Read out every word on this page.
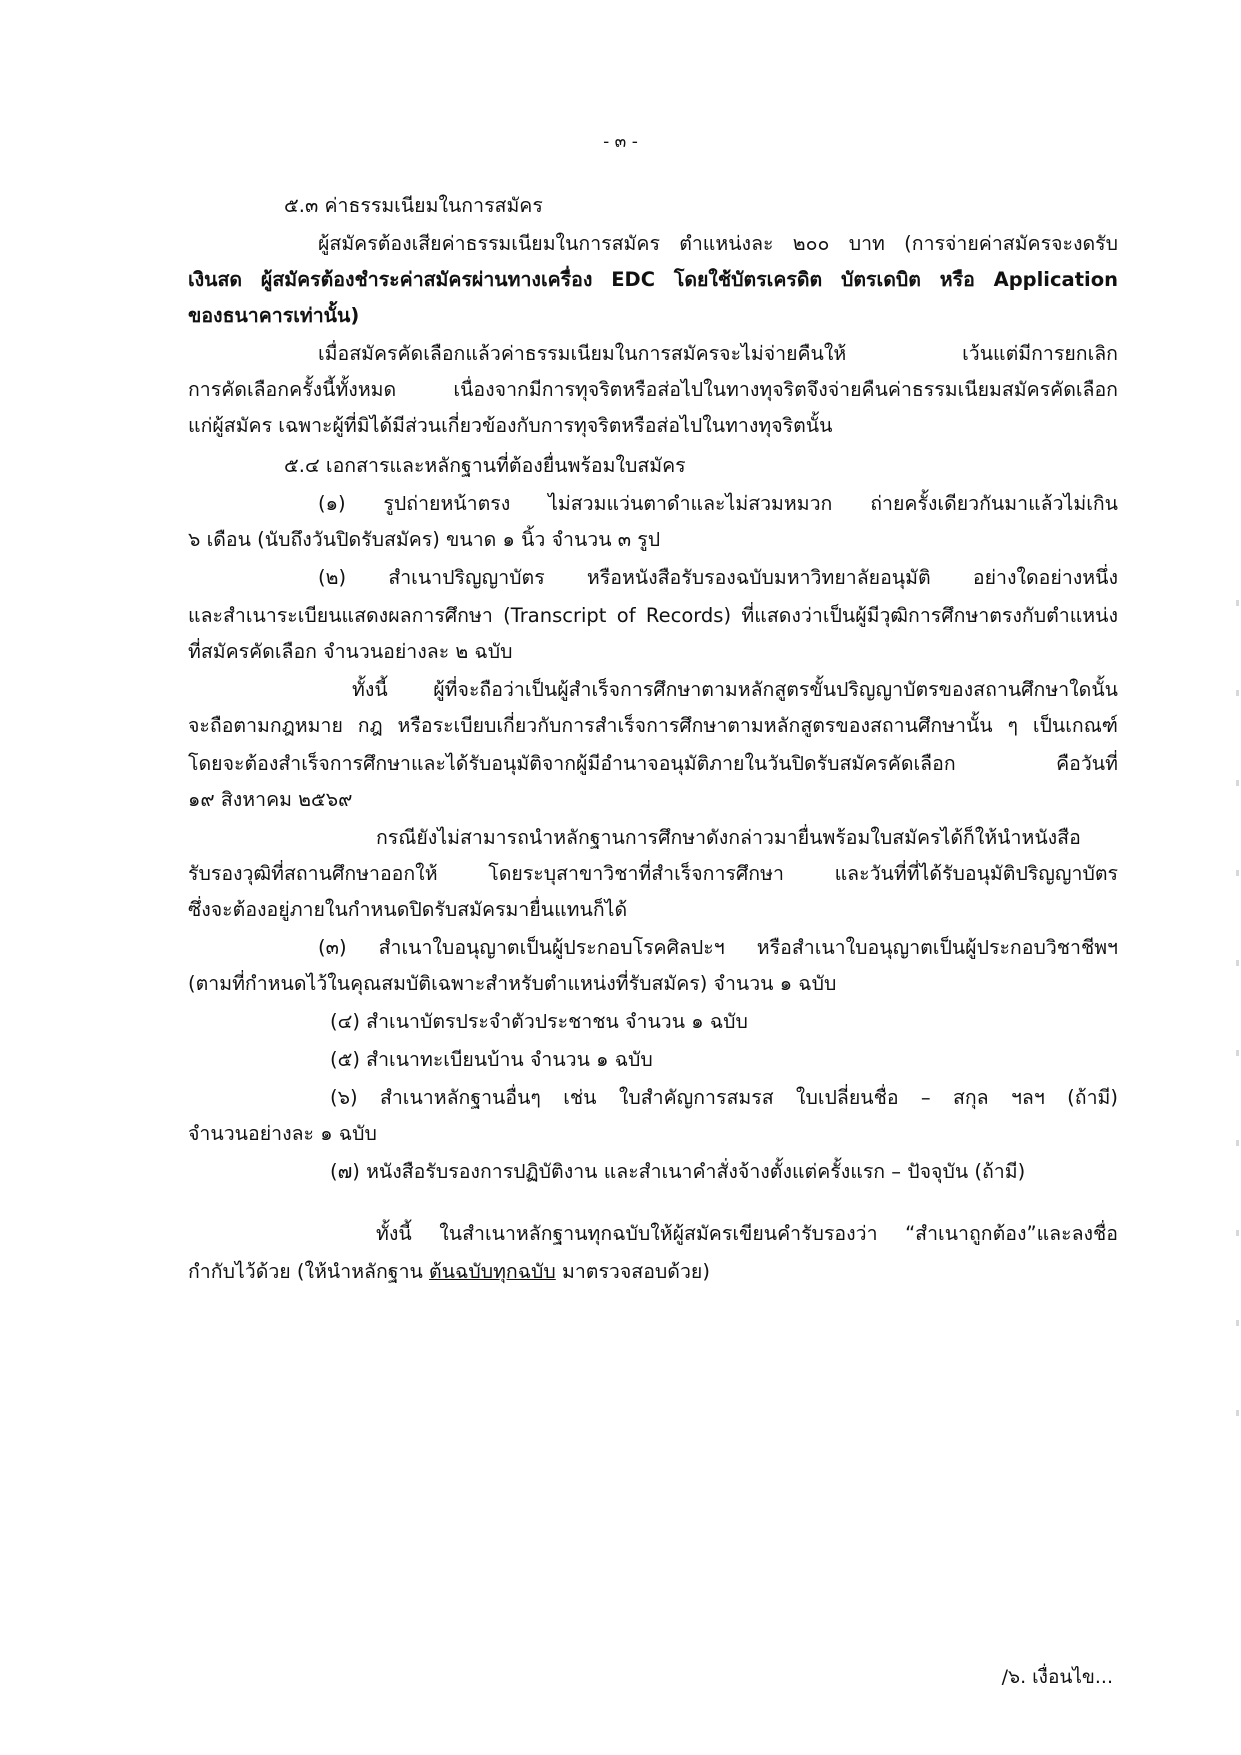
- ๓ -
๕.๓ ค่าธรรมเนียมในการสมัคร
ผู้สมัครต้องเสียค่าธรรมเนียมในการสมัคร ตำแหน่งละ ๒๐๐ บาท (การจ่ายค่าสมัครจะงดรับ
เงินสด ผู้สมัครต้องชำระค่าสมัครผ่านทางเครื่อง EDC โดยใช้บัตรเครดิต บัตรเดบิต หรือ Application
ของธนาคารเท่านั้น)
เมื่อสมัครคัดเลือกแล้วค่าธรรมเนียมในการสมัครจะไม่จ่ายคืนให้ เว้นแต่มีการยกเลิก
การคัดเลือกครั้งนี้ทั้งหมด เนื่องจากมีการทุจริตหรือส่อไปในทางทุจริตจึงจ่ายคืนค่าธรรมเนียมสมัครคัดเลือก
แก่ผู้สมัคร เฉพาะผู้ที่มิได้มีส่วนเกี่ยวข้องกับการทุจริตหรือส่อไปในทางทุจริตนั้น
๕.๔ เอกสารและหลักฐานที่ต้องยื่นพร้อมใบสมัคร
(๑) รูปถ่ายหน้าตรง ไม่สวมแว่นตาดำและไม่สวมหมวก ถ่ายครั้งเดียวกันมาแล้วไม่เกิน
๖ เดือน (นับถึงวันปิดรับสมัคร) ขนาด ๑ นิ้ว จำนวน ๓ รูป
(๒) สำเนาปริญญาบัตร หรือหนังสือรับรองฉบับมหาวิทยาลัยอนุมัติ อย่างใดอย่างหนึ่ง
และสำเนาระเบียนแสดงผลการศึกษา (Transcript of Records) ที่แสดงว่าเป็นผู้มีวุฒิการศึกษาตรงกับตำแหน่ง
ที่สมัครคัดเลือก จำนวนอย่างละ ๒ ฉบับ
ทั้งนี้ ผู้ที่จะถือว่าเป็นผู้สำเร็จการศึกษาตามหลักสูตรขั้นปริญญาบัตรของสถานศึกษาใดนั้น
จะถือตามกฎหมาย กฎ หรือระเบียบเกี่ยวกับการสำเร็จการศึกษาตามหลักสูตรของสถานศึกษานั้น ๆ เป็นเกณฑ์
โดยจะต้องสำเร็จการศึกษาและได้รับอนุมัติจากผู้มีอำนาจอนุมัติภายในวันปิดรับสมัครคัดเลือก คือวันที่
๑๙ สิงหาคม ๒๕๖๙
กรณียังไม่สามารถนำหลักฐานการศึกษาดังกล่าวมายื่นพร้อมใบสมัครได้ก็ให้นำหนังสือ
รับรองวุฒิที่สถานศึกษาออกให้ โดยระบุสาขาวิชาที่สำเร็จการศึกษา และวันที่ที่ได้รับอนุมัติปริญญาบัตร
ซึ่งจะต้องอยู่ภายในกำหนดปิดรับสมัครมายื่นแทนก็ได้
(๓) สำเนาใบอนุญาตเป็นผู้ประกอบโรคศิลปะฯ หรือสำเนาใบอนุญาตเป็นผู้ประกอบวิชาชีพฯ
(ตามที่กำหนดไว้ในคุณสมบัติเฉพาะสำหรับตำแหน่งที่รับสมัคร) จำนวน ๑ ฉบับ
(๔) สำเนาบัตรประจำตัวประชาชน จำนวน ๑ ฉบับ
(๕) สำเนาทะเบียนบ้าน จำนวน ๑ ฉบับ
(๖) สำเนาหลักฐานอื่นๆ เช่น ใบสำคัญการสมรส ใบเปลี่ยนชื่อ – สกุล ฯลฯ (ถ้ามี)
จำนวนอย่างละ ๑ ฉบับ
(๗) หนังสือรับรองการปฏิบัติงาน และสำเนาคำสั่งจ้างตั้งแต่ครั้งแรก – ปัจจุบัน (ถ้ามี)
ทั้งนี้ ในสำเนาหลักฐานทุกฉบับให้ผู้สมัครเขียนคำรับรองว่า “สำเนาถูกต้อง”และลงชื่อ
กำกับไว้ด้วย (ให้นำหลักฐาน ต้นฉบับทุกฉบับ มาตรวจสอบด้วย)
/๖. เงื่อนไข...
